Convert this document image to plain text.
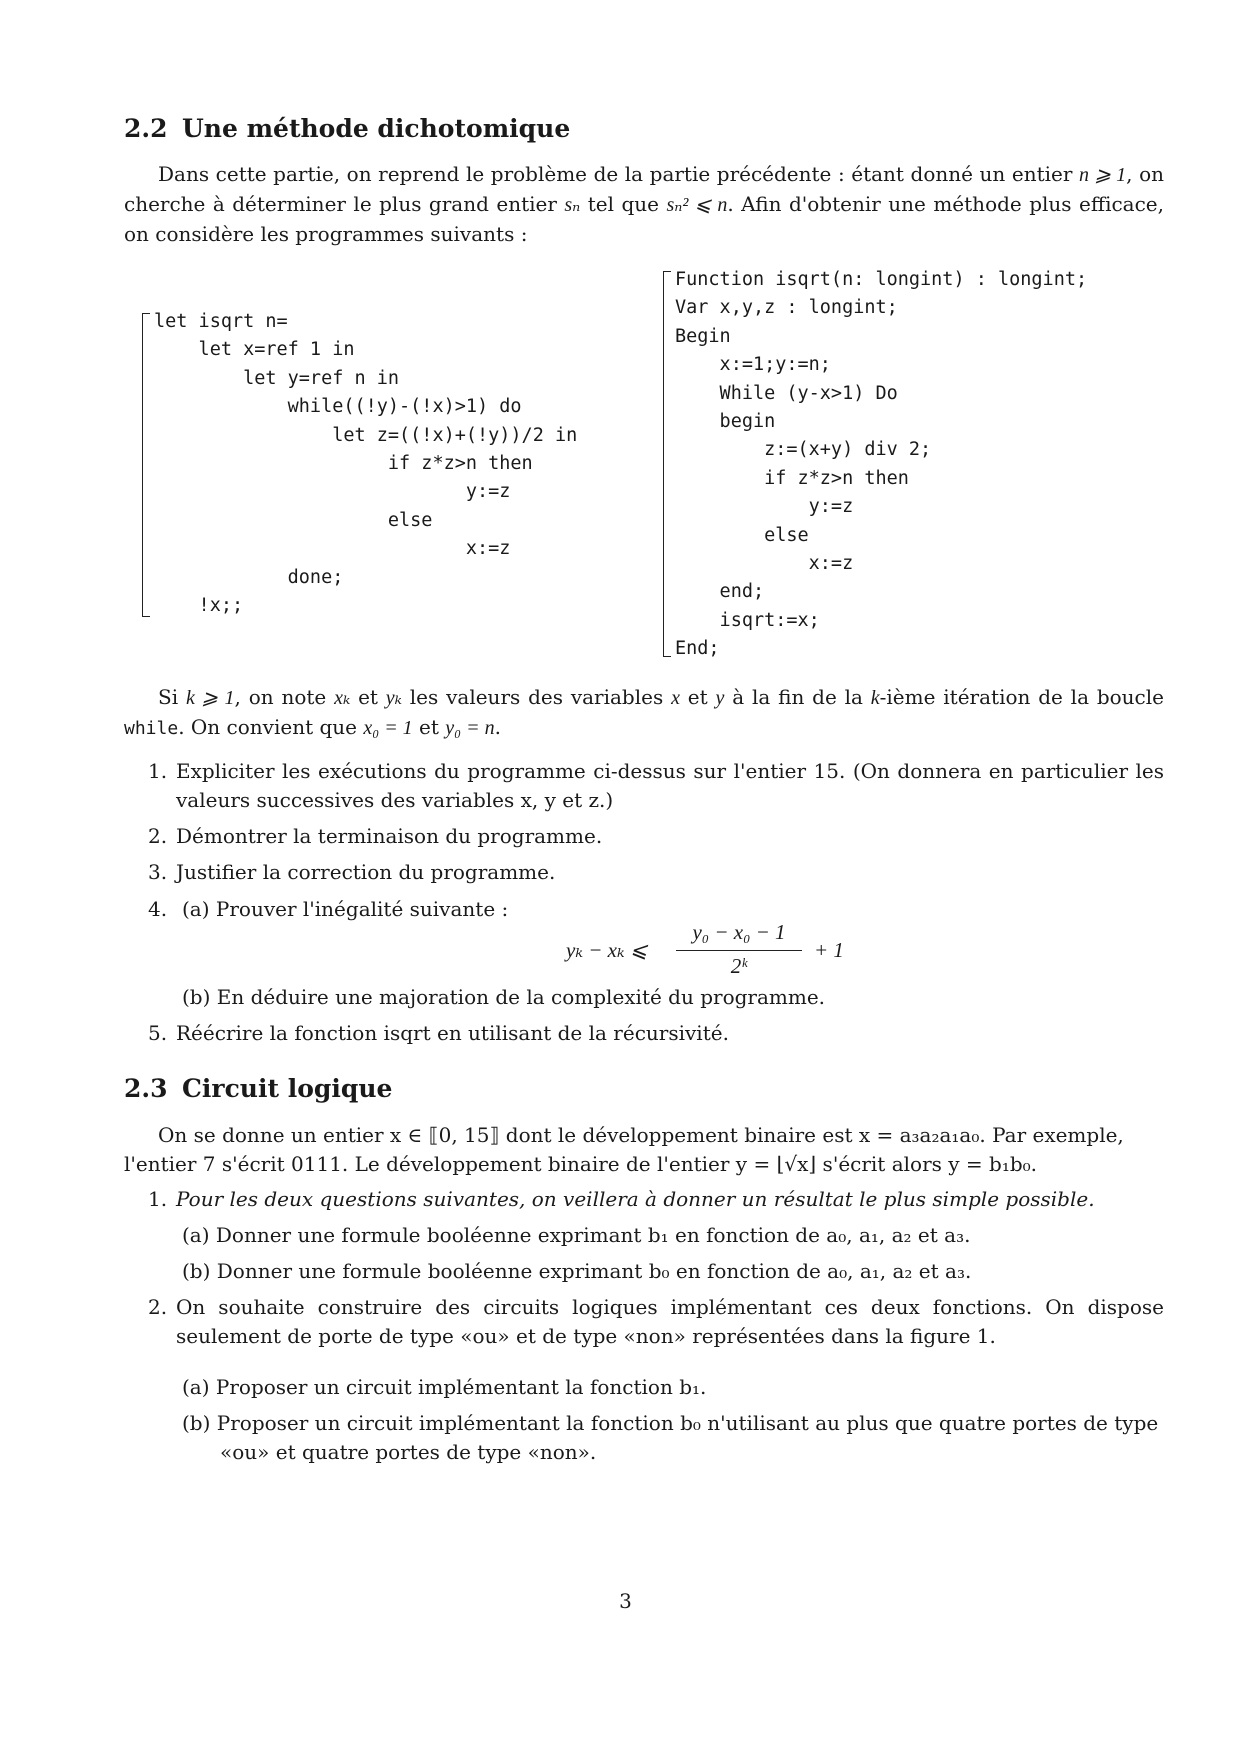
2.2 Une méthode dichotomique
Dans cette partie, on reprend le problème de la partie précédente : étant donné un entier n ⩾ 1, on cherche à déterminer le plus grand entier sₙ tel que sₙ² ⩽ n. Afin d'obtenir une méthode plus efficace, on considère les programmes suivants :
let isqrt n=
let x=ref 1 in
let y=ref n in
while((!y)-(!x)>1) do
let z=((!x)+(!y))/2 in
if z*z>n then
y:=z
else
x:=z
done;
!x;;
Function isqrt(n: longint) : longint;
Var x,y,z : longint;
Begin
x:=1;y:=n;
While (y-x>1) Do
begin
z:=(x+y) div 2;
if z*z>n then
y:=z
else
x:=z
end;
isqrt:=x;
End;
Si k ⩾ 1, on note xₖ et yₖ les valeurs des variables x et y à la fin de la k-ième itération de la boucle while. On convient que x₀ = 1 et y₀ = n.
1. Expliciter les exécutions du programme ci-dessus sur l'entier 15. (On donnera en particulier les valeurs successives des variables x, y et z.)
2. Démontrer la terminaison du programme.
3. Justifier la correction du programme.
4. (a) Prouver l'inégalité suivante :
yₖ − xₖ ⩽
y₀ − x₀ − 1
2ᵏ
+ 1
(b) En déduire une majoration de la complexité du programme.
5. Réécrire la fonction isqrt en utilisant de la récursivité.
2.3 Circuit logique
On se donne un entier x ∈ ⟦0, 15⟧ dont le développement binaire est x = a₃a₂a₁a₀. Par exemple,
l'entier 7 s'écrit 0111. Le développement binaire de l'entier y = ⌊√x⌋ s'écrit alors y = b₁b₀.
1. Pour les deux questions suivantes, on veillera à donner un résultat le plus simple possible.
(a) Donner une formule booléenne exprimant b₁ en fonction de a₀, a₁, a₂ et a₃.
(b) Donner une formule booléenne exprimant b₀ en fonction de a₀, a₁, a₂ et a₃.
2. On souhaite construire des circuits logiques implémentant ces deux fonctions. On dispose seulement de porte de type «ou» et de type «non» représentées dans la figure 1.
(a) Proposer un circuit implémentant la fonction b₁.
(b) Proposer un circuit implémentant la fonction b₀ n'utilisant au plus que quatre portes de type
«ou» et quatre portes de type «non».
3
